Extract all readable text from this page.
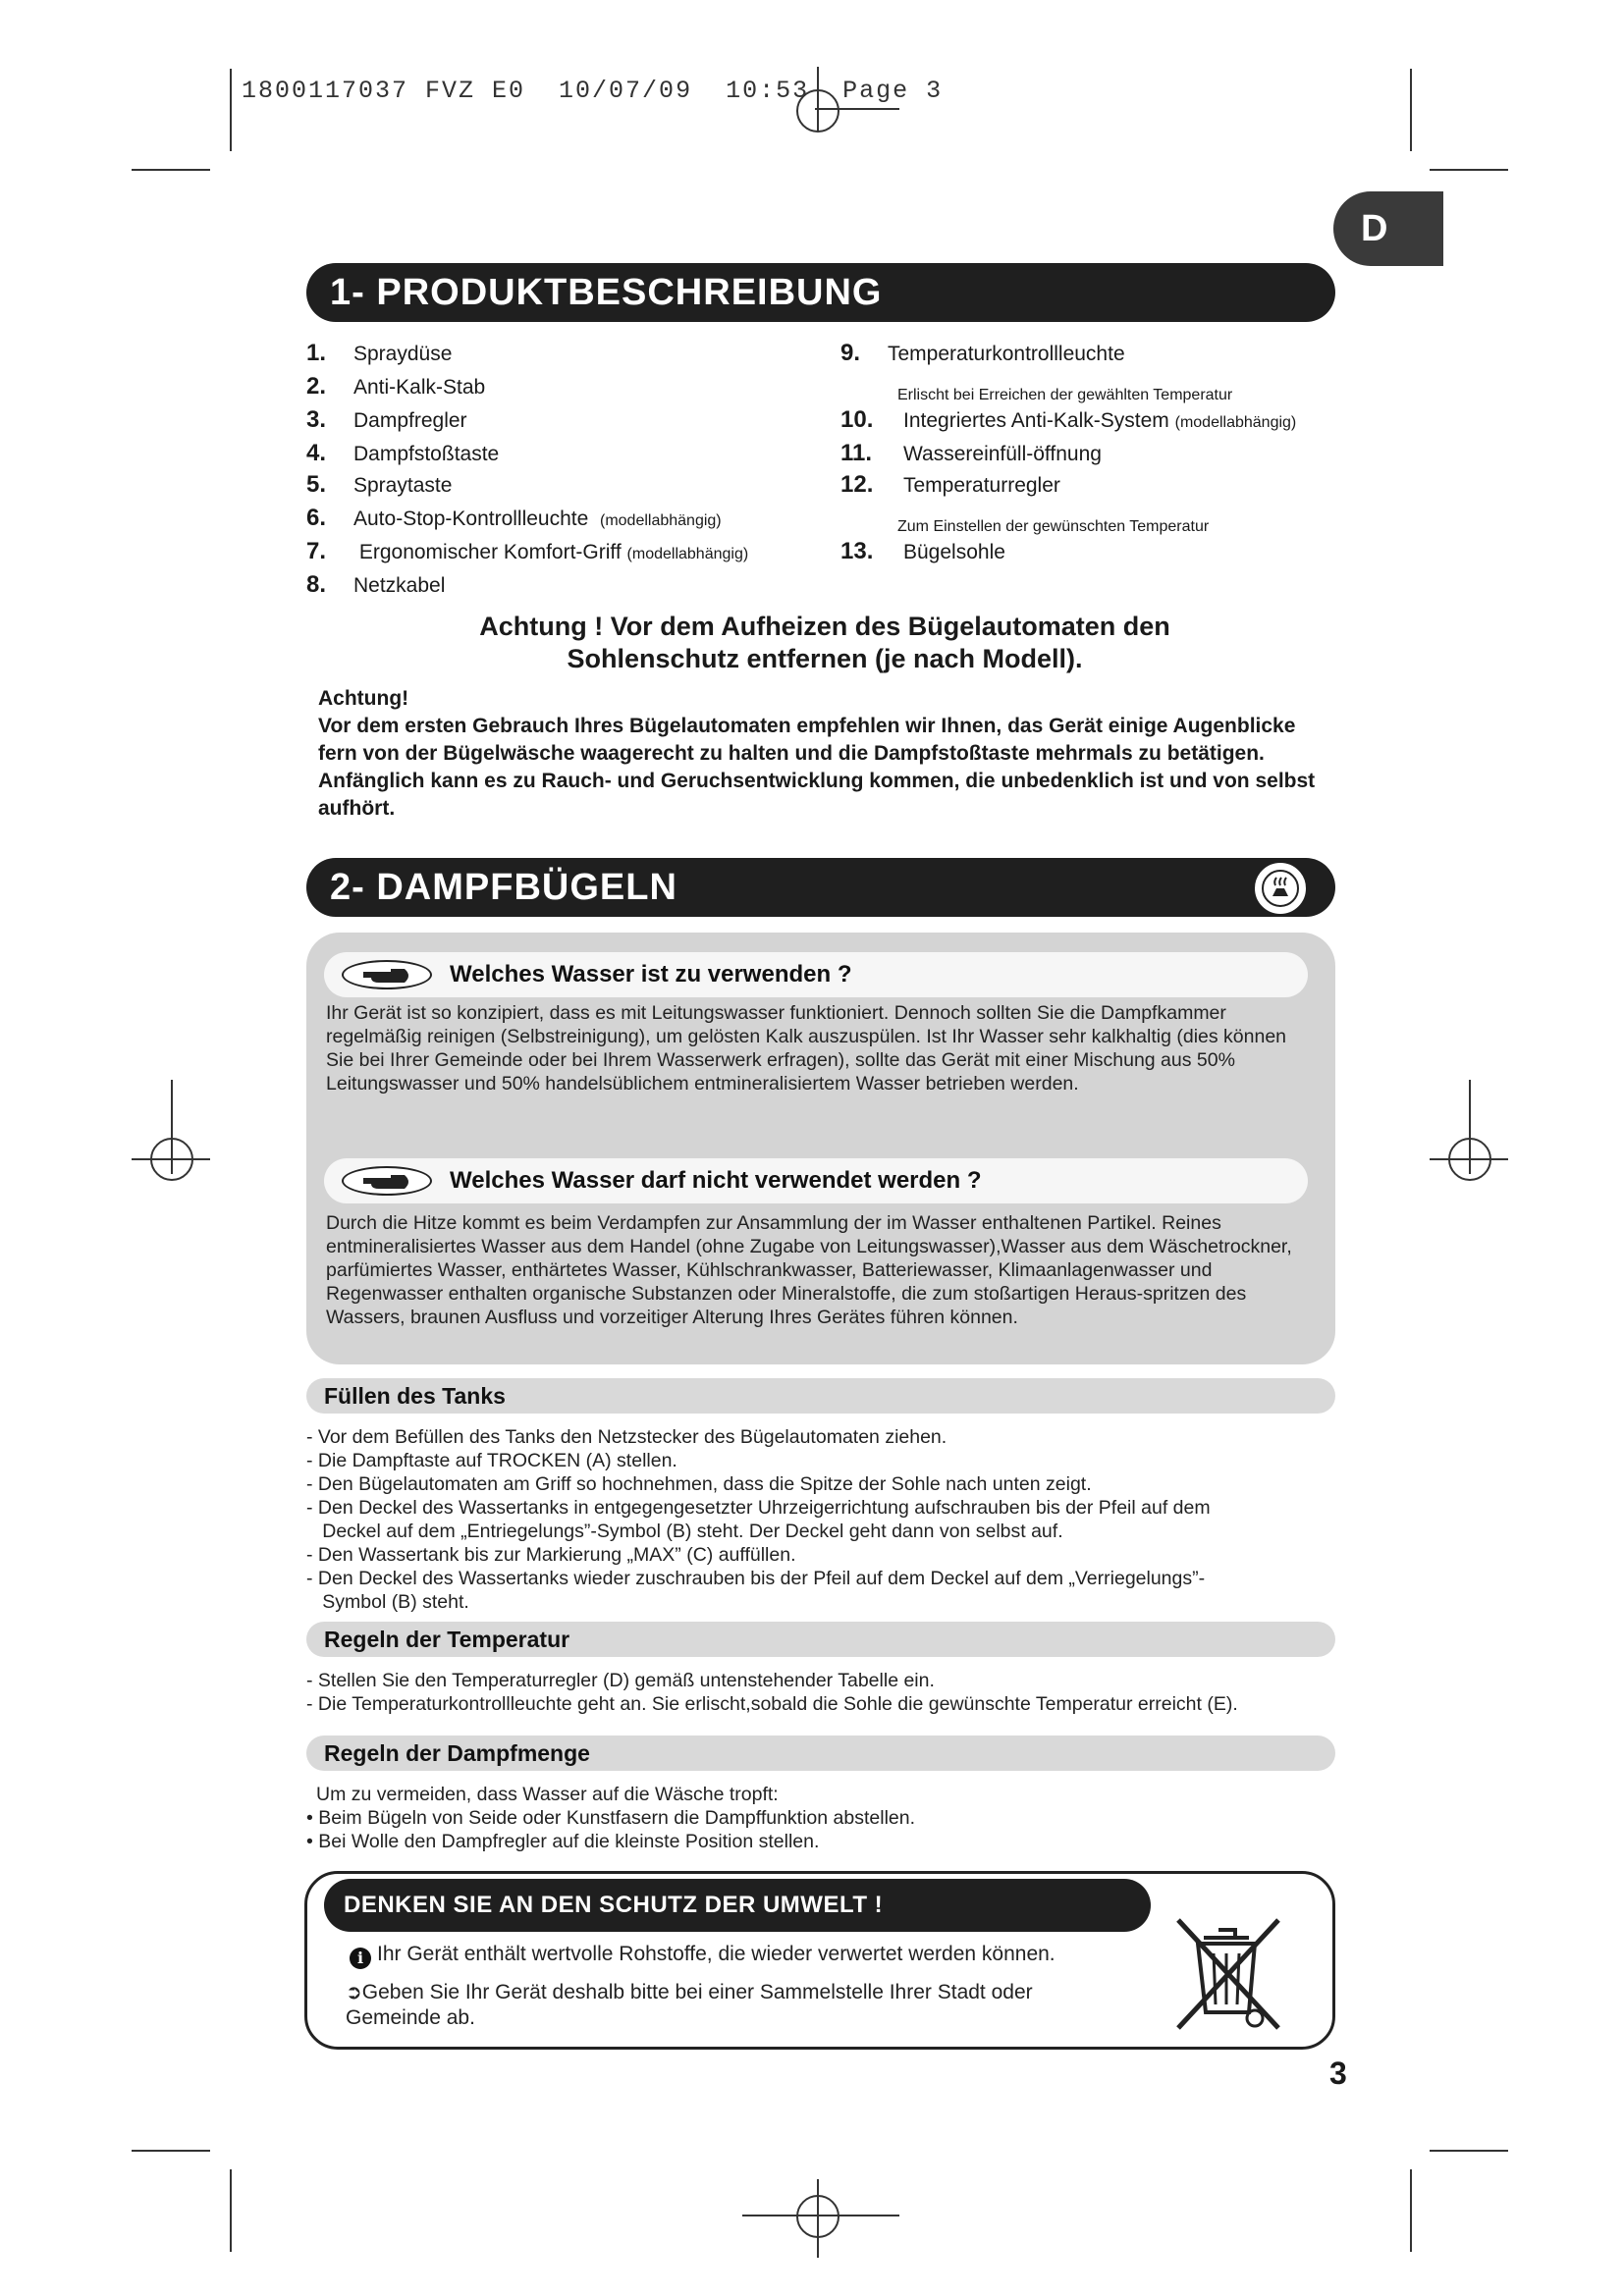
1800117037 FVZ E0  10/07/09  10:53  Page 3
D
1- PRODUKTBESCHREIBUNG
1. Spraydüse
2. Anti-Kalk-Stab
3. Dampfregler
4. Dampfstoßtaste
5. Spraytaste
6. Auto-Stop-Kontrollleuchte (modellabhängig)
7. Ergonomischer Komfort-Griff (modellabhängig)
8. Netzkabel
9. Temperaturkontrollleuchte
Erlischt bei Erreichen der gewählten Temperatur
10. Integriertes Anti-Kalk-System (modellabhängig)
11. Wassereinfüll-öffnung
12. Temperaturregler
Zum Einstellen der gewünschten Temperatur
13. Bügelsohle
Achtung ! Vor dem Aufheizen des Bügelautomaten den
Sohlenschutz entfernen (je nach Modell).
Achtung!
Vor dem ersten Gebrauch Ihres Bügelautomaten empfehlen wir Ihnen, das Gerät einige Augenblicke fern von der Bügelwäsche waagerecht zu halten und die Dampfstoßtaste mehrmals zu betätigen.
Anfänglich kann es zu Rauch- und Geruchsentwicklung kommen, die unbedenklich ist und von selbst aufhört.
2- DAMPFBÜGELN
Welches Wasser ist zu verwenden ?
Ihr Gerät ist so konzipiert, dass es mit Leitungswasser funktioniert. Dennoch sollten Sie die Dampfkammer regelmäßig reinigen (Selbstreinigung), um gelösten Kalk auszuspülen. Ist Ihr Wasser sehr kalkhaltig (dies können Sie bei Ihrer Gemeinde oder bei Ihrem Wasserwerk erfragen), sollte das Gerät mit einer Mischung aus 50% Leitungswasser und 50% handelsüblichem entmineralisiertem Wasser betrieben werden.
Welches Wasser darf nicht verwendet werden ?
Durch die Hitze kommt es beim Verdampfen zur Ansammlung der im Wasser enthaltenen Partikel. Reines entmineralisiertes Wasser aus dem Handel (ohne Zugabe von Leitungswasser),Wasser aus dem Wäschetrockner, parfümiertes Wasser, enthärtetes Wasser, Kühlschrankwasser, Batteriewasser, Klimaanlagenwasser und Regenwasser enthalten organische Substanzen oder Mineralstoffe, die zum stoßartigen Heraus-spritzen des Wassers, braunen Ausfluss und vorzeitiger Alterung Ihres Gerätes führen können.
Füllen des Tanks
- Vor dem Befüllen des Tanks den Netzstecker des Bügelautomaten ziehen.
- Die Dampftaste auf TROCKEN (A) stellen.
- Den Bügelautomaten am Griff so hochnehmen, dass die Spitze der Sohle nach unten zeigt.
- Den Deckel des Wassertanks in entgegengesetzter Uhrzeigerrichtung aufschrauben bis der Pfeil auf dem
Deckel auf dem „Entriegelungs”-Symbol (B) steht. Der Deckel geht dann von selbst auf.
- Den Wassertank bis zur Markierung „MAX” (C) auffüllen.
- Den Deckel des Wassertanks wieder zuschrauben bis der Pfeil auf dem Deckel auf dem „Verriegelungs”-
Symbol (B) steht.
Regeln der Temperatur
- Stellen Sie den Temperaturregler (D) gemäß untenstehender Tabelle ein.
- Die Temperaturkontrollleuchte geht an. Sie erlischt,sobald die Sohle die gewünschte Temperatur erreicht (E).
Regeln der Dampfmenge
Um zu vermeiden, dass Wasser auf die Wäsche tropft:
• Beim Bügeln von Seide oder Kunstfasern die Dampffunktion abstellen.
• Bei Wolle den Dampfregler auf die kleinste Position stellen.
DENKEN SIE AN DEN SCHUTZ DER UMWELT !
i Ihr Gerät enthält wertvolle Rohstoffe, die wieder verwertet werden können.
➲Geben Sie Ihr Gerät deshalb bitte bei einer Sammelstelle Ihrer Stadt oder
Gemeinde ab.
3
